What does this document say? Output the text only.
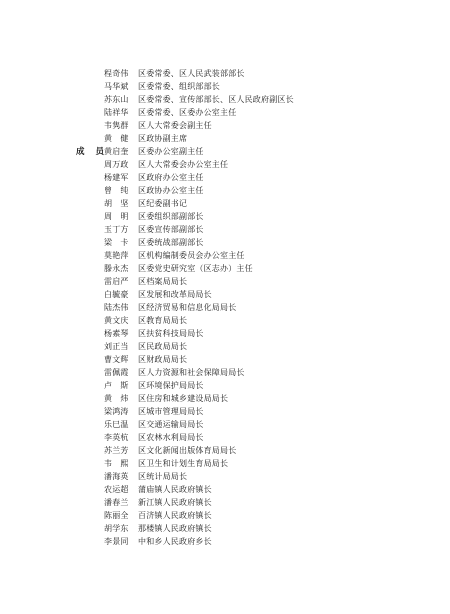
成 员
程奇伟	区委常委、区人民武装部部长
马华斌	区委常委、组织部部长
苏东山	区委常委、宣传部部长、区人民政府副区长
陆祥华	区委常委、区委办公室主任
韦隽群	区人大常委会副主任
黄　健	区政协副主席
黄启奎	区委办公室副主任
周万政	区人大常委会办公室主任
杨建军	区政府办公室主任
曾　纯	区政协办公室主任
胡　坚	区纪委副书记
周　明	区委组织部副部长
玉丁方	区委宣传部副部长
梁　卡	区委统战部副部长
莫艳萍	区机构编制委员会办公室主任
滕永杰	区委党史研究室（区志办）主任
雷启严	区档案局局长
白毓豪	区发展和改革局局长
陆杰伟	区经济贸易和信息化局局长
黄文庆	区教育局局长
杨素琴	区扶贫科技局局长
刘正当	区民政局局长
曹文辉	区财政局局长
雷佩霞	区人力资源和社会保障局局长
卢　斯	区环境保护局局长
黄　炜	区住房和城乡建设局局长
梁鸿涛	区城市管理局局长
乐巳温	区交通运输局局长
李英杭	区农林水利局局长
苏兰芳	区文化新闻出版体育局局长
韦　熙	区卫生和计划生育局局长
潘海英	区统计局局长
农运超	蒲庙镇人民政府镇长
潘春兰	新江镇人民政府镇长
陈丽全	百济镇人民政府镇长
胡学东	那楼镇人民政府镇长
李景同	中和乡人民政府乡长
